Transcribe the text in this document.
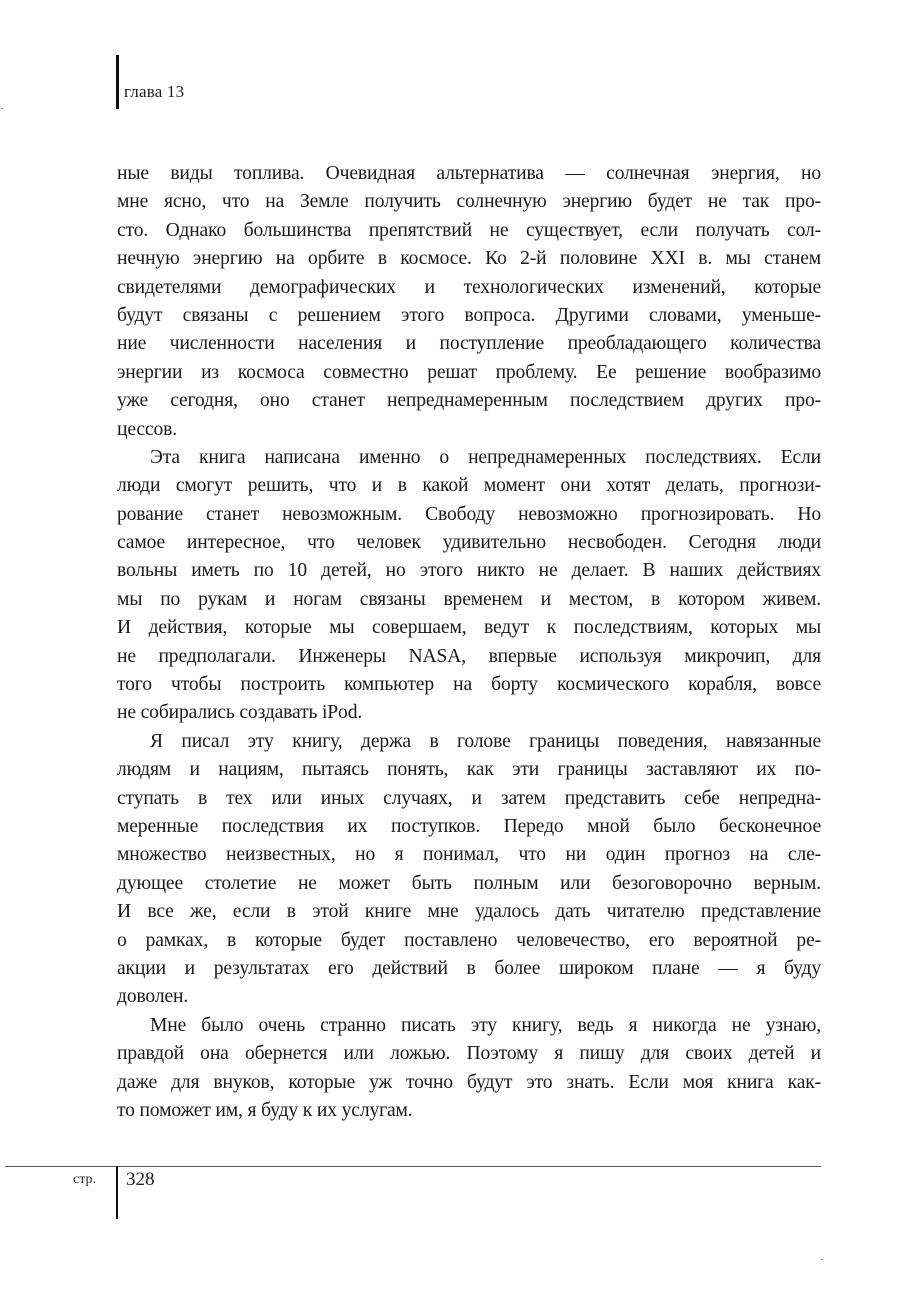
глава 13
ные виды топлива. Очевидная альтернатива — солнечная энергия, но
мне ясно, что на Земле получить солнечную энергию будет не так про-
сто. Однако большинства препятствий не существует, если получать сол-
нечную энергию на орбите в космосе. Ко 2-й половине XXI в. мы станем
свидетелями демографических и технологических изменений, которые
будут связаны с решением этого вопроса. Другими словами, уменьше-
ние численности населения и поступление преобладающего количества
энергии из космоса совместно решат проблему. Ее решение вообразимо
уже сегодня, оно станет непреднамеренным последствием других про-
цессов.
Эта книга написана именно о непреднамеренных последствиях. Если
люди смогут решить, что и в какой момент они хотят делать, прогнози-
рование станет невозможным. Свободу невозможно прогнозировать. Но
самое интересное, что человек удивительно несвободен. Сегодня люди
вольны иметь по 10 детей, но этого никто не делает. В наших действиях
мы по рукам и ногам связаны временем и местом, в котором живем.
И действия, которые мы совершаем, ведут к последствиям, которых мы
не предполагали. Инженеры NASA, впервые используя микрочип, для
того чтобы построить компьютер на борту космического корабля, вовсе
не собирались создавать iPod.
Я писал эту книгу, держа в голове границы поведения, навязанные
людям и нациям, пытаясь понять, как эти границы заставляют их по-
ступать в тех или иных случаях, и затем представить себе непредна-
меренные последствия их поступков. Передо мной было бесконечное
множество неизвестных, но я понимал, что ни один прогноз на сле-
дующее столетие не может быть полным или безоговорочно верным.
И все же, если в этой книге мне удалось дать читателю представление
о рамках, в которые будет поставлено человечество, его вероятной ре-
акции и результатах его действий в более широком плане — я буду
доволен.
Мне было очень странно писать эту книгу, ведь я никогда не узнаю,
правдой она обернется или ложью. Поэтому я пишу для своих детей и
даже для внуков, которые уж точно будут это знать. Если моя книга как-
то поможет им, я буду к их услугам.
стр. 328
